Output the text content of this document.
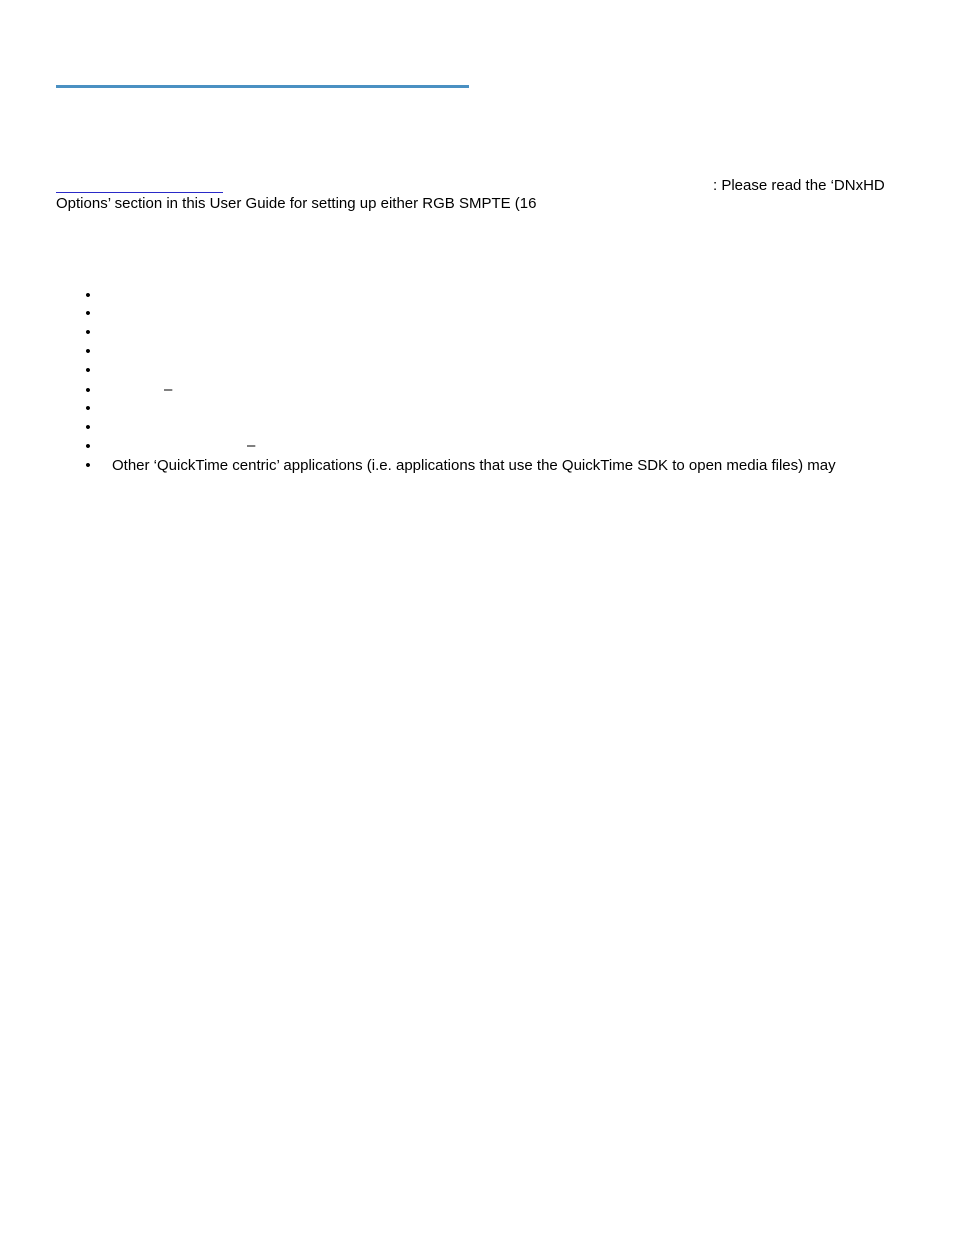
: Please read the ‘DNxHD
Options’ section in this User Guide for setting up either RGB SMPTE (16
•
•
•
•
•
•	–
•
•
•	–
• Other ‘QuickTime centric’ applications (i.e. applications that use the QuickTime SDK to open media files) may
